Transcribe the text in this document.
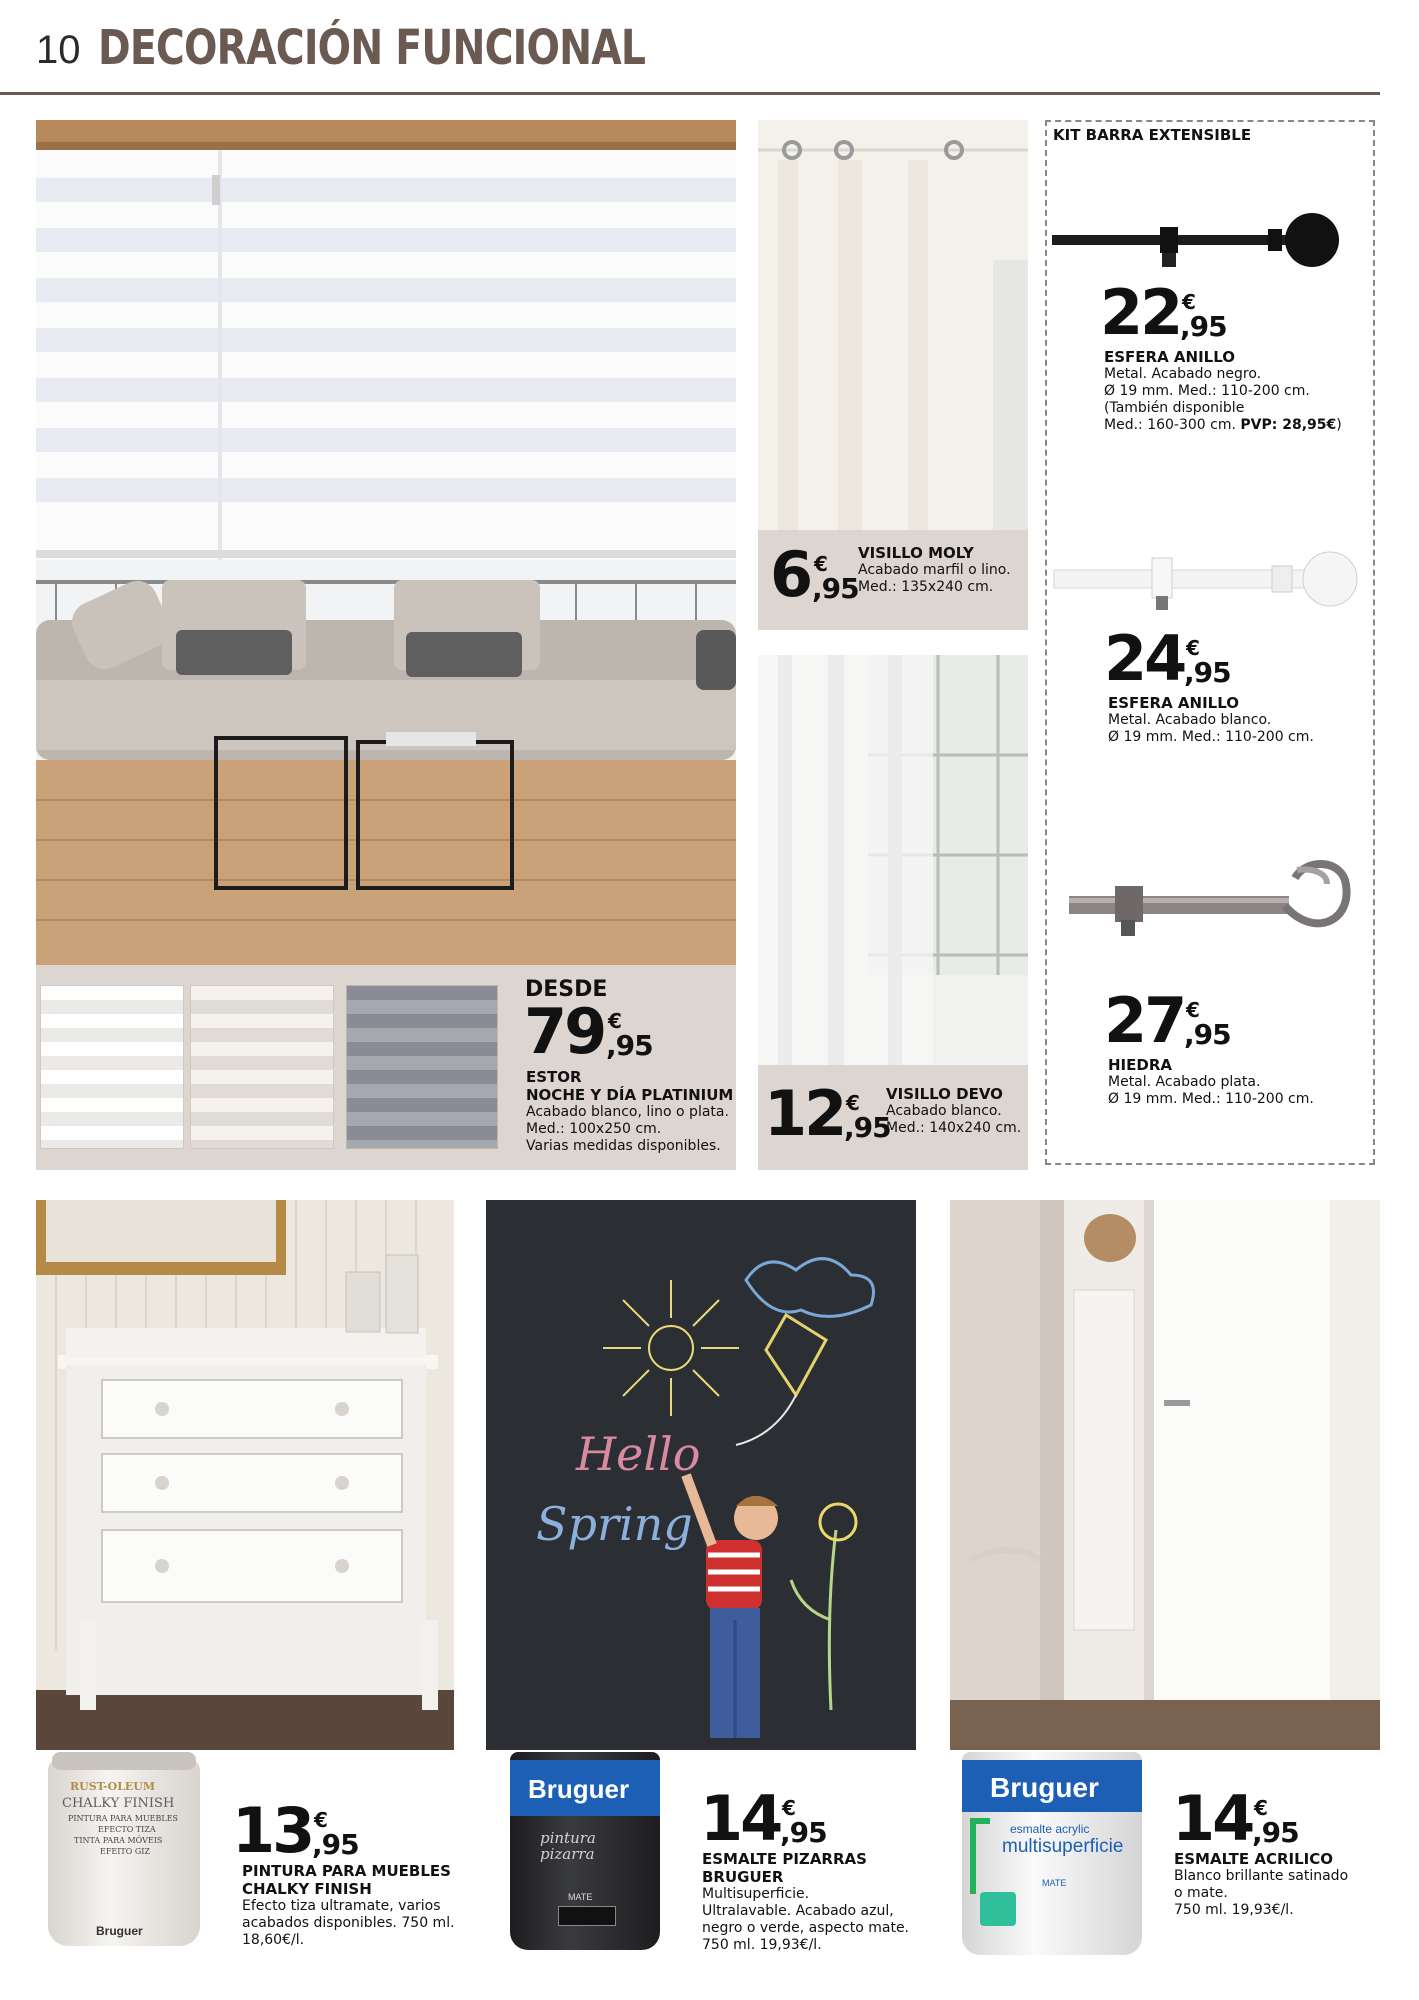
10 DECORACIÓN FUNCIONAL
DESDE
79 €
,95
ESTOR
NOCHE Y DÍA PLATINIUM
Acabado blanco, lino o plata.
Med.: 100x250 cm.
Varias medidas disponibles.
6 €
,95
VISILLO MOLY
Acabado marfil o lino.
Med.: 135x240 cm.
12 €
,95
VISILLO DEVO
Acabado blanco.
Med.: 140x240 cm.
KIT BARRA EXTENSIBLE
22 €
,95
ESFERA ANILLO
Metal. Acabado negro.
Ø 19 mm. Med.: 110-200 cm.
(También disponible
Med.: 160-300 cm. PVP: 28,95€)
24 €
,95
ESFERA ANILLO
Metal. Acabado blanco.
Ø 19 mm. Med.: 110-200 cm.
27 €
,95
HIEDRA
Metal. Acabado plata.
Ø 19 mm. Med.: 110-200 cm.
Hello
Spring
RUST-OLEUM
CHALKY FINISH
PINTURA PARA MUEBLES
EFECTO TIZA
TINTA PARA MÓVEIS
EFEITO GIZ
Bruguer
13 €
,95
PINTURA PARA MUEBLES
CHALKY FINISH
Efecto tiza ultramate, varios
acabados disponibles. 750 ml.
18,60€/l.
Bruguer
pintura pizarra
MATE
14 €
,95
ESMALTE PIZARRAS
BRUGUER
Multisuperficie.
Ultralavable. Acabado azul,
negro o verde, aspecto mate.
750 ml. 19,93€/l.
Bruguer
esmalte acrylic
multisuperficie
MATE
14 €
,95
ESMALTE ACRILICO
Blanco brillante satinado
o mate.
750 ml. 19,93€/l.
